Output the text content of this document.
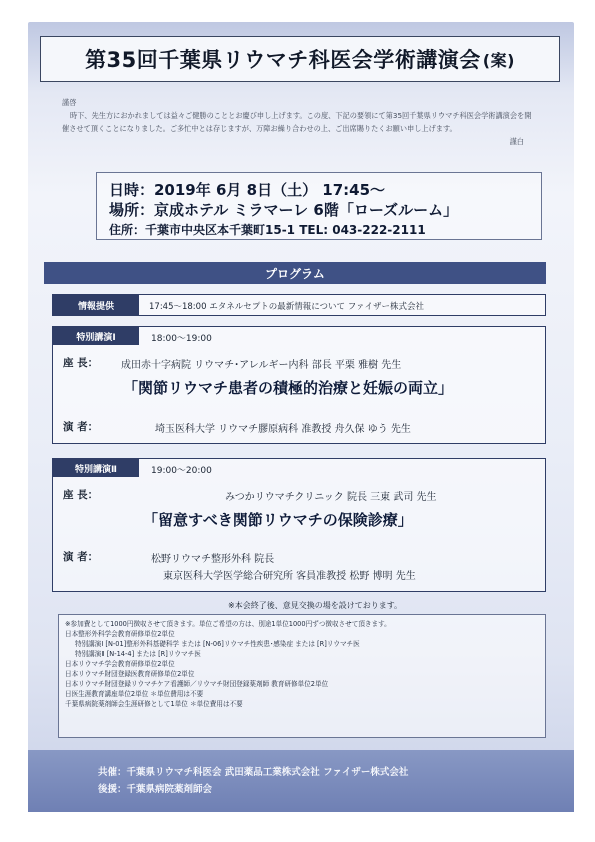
第35回千葉県リウマチ科医会学術講演会 (案)
謹啓
時下、先生方におかれましては益々ご健勝のこととお慶び申し上げます。この度、下記の要領にて第35回千葉県リウマチ科医会学術講演会を開催させて頂くことになりました。ご多忙中とは存じますが、万障お繰り合わせの上、ご出席賜りたくお願い申し上げます。
謹白
日時：2019年 6月 8日（土） 17:45〜
場所：京成ホテル ミラマーレ 6階「ローズルーム」
住所：千葉市中央区本千葉町15-1 TEL: 043-222-2111
プログラム
情報提供	17:45〜18:00 エタネルセプトの最新情報について ファイザー株式会社
特別講演Ⅰ	18:00〜19:00
座 長： 成田赤十字病院 リウマチ･アレルギー内科 部長 平栗 雅樹 先生
「関節リウマチ患者の積極的治療と妊娠の両立」
演 者：	埼玉医科大学 リウマチ膠原病科 准教授 舟久保 ゆう 先生
特別講演Ⅱ	19:00〜20:00
座 長：	みつかリウマチクリニック 院長 三東 武司 先生
「留意すべき関節リウマチの保険診療」
演 者：	松野リウマチ整形外科 院長
東京医科大学医学総合研究所 客員准教授 松野 博明 先生
※本会終了後、意見交換の場を設けております。
※参加費として1000円徴収させて頂きます。単位ご希望の方は、別途1単位1000円ずつ徴収させて頂きます。
日本整形外科学会教育研修単位2単位
特別講演Ⅰ [N-01]整形外科基礎科学 または [N-06]リウマチ性疾患･感染症 または [R]リウマチ医
特別講演Ⅱ [N-14-4] または [R]リウマチ医
日本リウマチ学会教育研修単位2単位
日本リウマチ財団登録医教育研修単位2単位
日本リウマチ財団登録リウマチケア看護師／リウマチ財団登録薬剤師 教育研修単位2単位
日医生涯教育講座単位2単位 ＊単位費用は不要
千葉県病院薬剤師会生涯研修として1単位 ＊単位費用は不要
共催：千葉県リウマチ科医会 武田薬品工業株式会社 ファイザー株式会社
後援：千葉県病院薬剤師会
